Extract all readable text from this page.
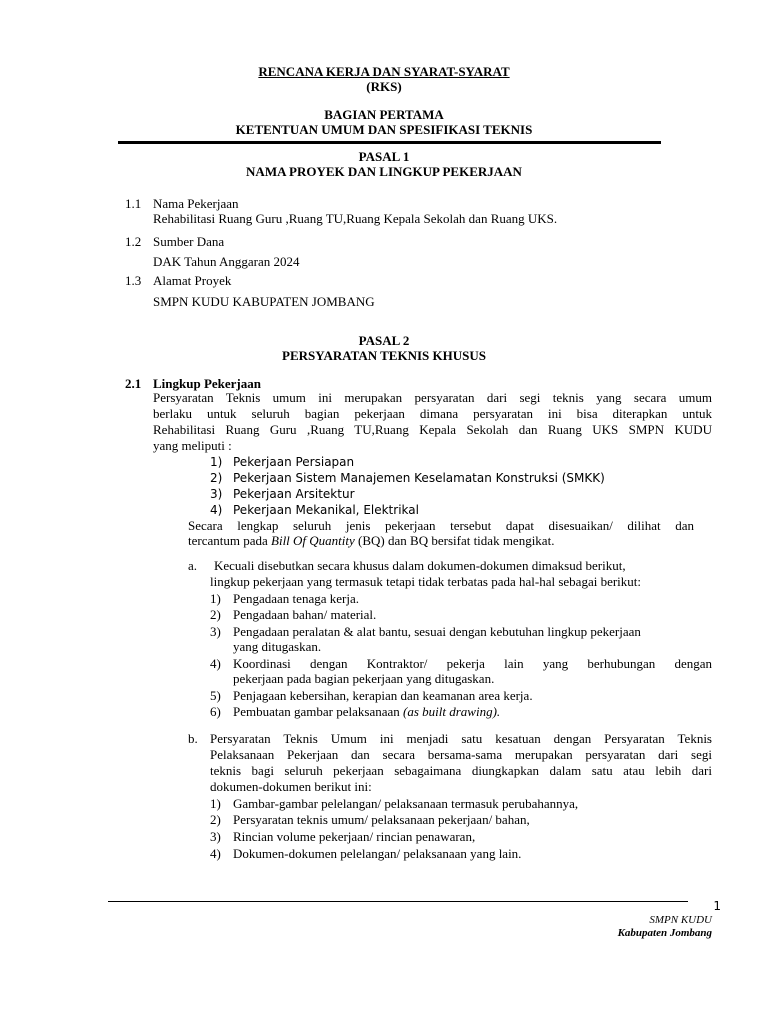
RENCANA KERJA DAN SYARAT-SYARAT
(RKS)
BAGIAN PERTAMA
KETENTUAN UMUM DAN SPESIFIKASI TEKNIS
PASAL 1
NAMA PROYEK DAN LINGKUP PEKERJAAN
1.1 Nama Pekerjaan
Rehabilitasi Ruang Guru ,Ruang TU,Ruang Kepala Sekolah dan Ruang UKS.
1.2 Sumber Dana
DAK Tahun Anggaran 2024
1.3 Alamat Proyek
SMPN KUDU KABUPATEN JOMBANG
PASAL 2
PERSYARATAN TEKNIS KHUSUS
2.1 Lingkup Pekerjaan
Persyaratan Teknis umum ini merupakan persyaratan dari segi teknis yang secara umum
berlaku untuk seluruh bagian pekerjaan dimana persyaratan ini bisa diterapkan untuk
Rehabilitasi Ruang Guru ,Ruang TU,Ruang Kepala Sekolah dan Ruang UKS SMPN KUDU
yang meliputi :
1) Pekerjaan Persiapan
2) Pekerjaan Sistem Manajemen Keselamatan Konstruksi (SMKK)
3) Pekerjaan Arsitektur
4) Pekerjaan Mekanikal, Elektrikal
Secara lengkap seluruh jenis pekerjaan tersebut dapat disesuaikan/ dilihat dan
tercantum pada Bill Of Quantity (BQ) dan BQ bersifat tidak mengikat.
a. Kecuali disebutkan secara khusus dalam dokumen-dokumen dimaksud berikut,
lingkup pekerjaan yang termasuk tetapi tidak terbatas pada hal-hal sebagai berikut:
1) Pengadaan tenaga kerja.
2) Pengadaan bahan/ material.
3) Pengadaan peralatan & alat bantu, sesuai dengan kebutuhan lingkup pekerjaan
yang ditugaskan.
4) Koordinasi dengan Kontraktor/ pekerja lain yang berhubungan dengan
pekerjaan pada bagian pekerjaan yang ditugaskan.
5) Penjagaan kebersihan, kerapian dan keamanan area kerja.
6) Pembuatan gambar pelaksanaan (as built drawing).
b. Persyaratan Teknis Umum ini menjadi satu kesatuan dengan Persyaratan Teknis
Pelaksanaan Pekerjaan dan secara bersama-sama merupakan persyaratan dari segi
teknis bagi seluruh pekerjaan sebagaimana diungkapkan dalam satu atau lebih dari
dokumen-dokumen berikut ini:
1) Gambar-gambar pelelangan/ pelaksanaan termasuk perubahannya,
2) Persyaratan teknis umum/ pelaksanaan pekerjaan/ bahan,
3) Rincian volume pekerjaan/ rincian penawaran,
4) Dokumen-dokumen pelelangan/ pelaksanaan yang lain.
1
SMPN KUDU
Kabupaten Jombang
